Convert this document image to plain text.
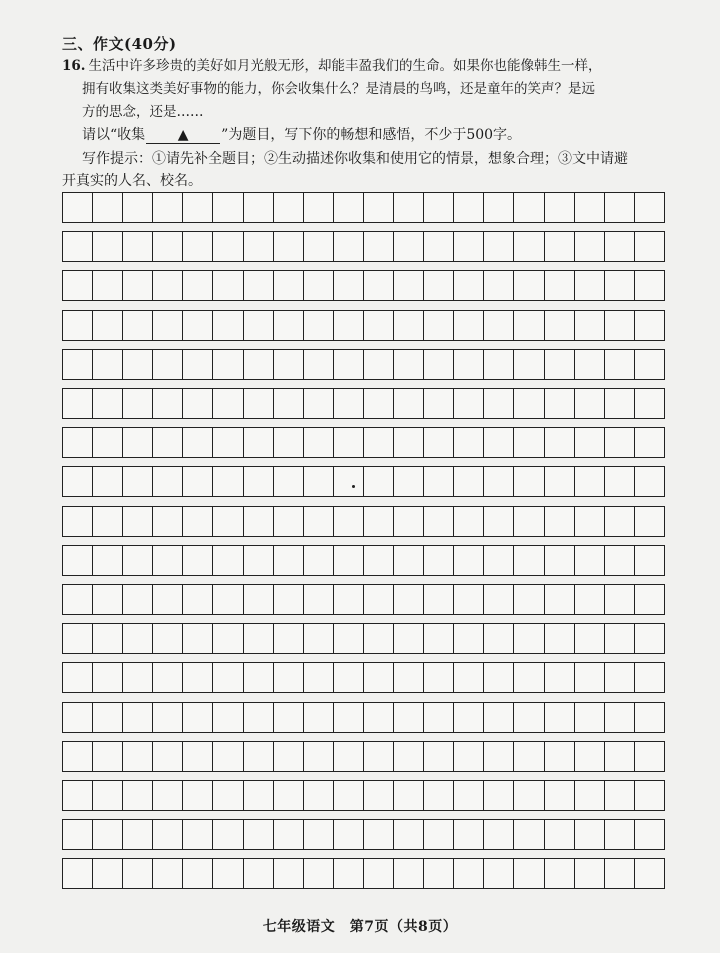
三、作文(40分)
16. 生活中许多珍贵的美好如月光般无形，却能丰盈我们的生命。如果你也能像韩生一样，
拥有收集这类美好事物的能力，你会收集什么？是清晨的鸟鸣，还是童年的笑声？是远
方的思念，还是……
请以“收集 ▲ ”为题目，写下你的畅想和感悟，不少于500字。
写作提示：①请先补全题目；②生动描述你收集和使用它的情景，想象合理；③文中请避
开真实的人名、校名。
七年级语文　第7页（共8页）
